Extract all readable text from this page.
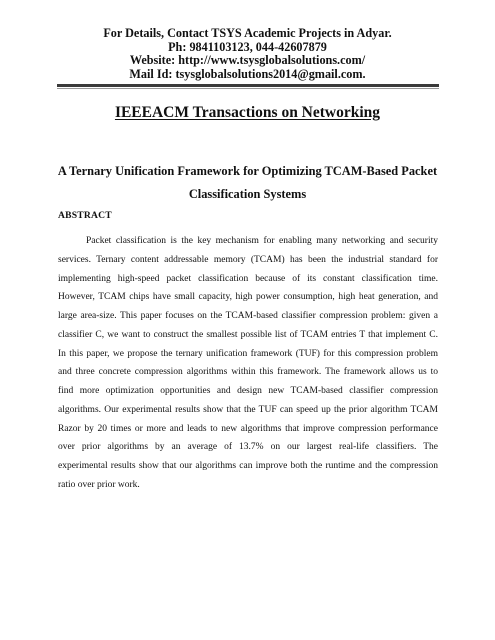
For Details, Contact TSYS Academic Projects in Adyar.
Ph: 9841103123, 044-42607879
Website: http://www.tsysglobalsolutions.com/
Mail Id: tsysglobalsolutions2014@gmail.com.
IEEEACM Transactions on Networking
A Ternary Unification Framework for Optimizing TCAM-Based Packet
Classification Systems
ABSTRACT
Packet classification is the key mechanism for enabling many networking and security
services. Ternary content addressable memory (TCAM) has been the industrial standard for
implementing high-speed packet classification because of its constant classification time.
However, TCAM chips have small capacity, high power consumption, high heat generation, and
large area-size. This paper focuses on the TCAM-based classifier compression problem: given a
classifier C, we want to construct the smallest possible list of TCAM entries T that implement C.
In this paper, we propose the ternary unification framework (TUF) for this compression problem
and three concrete compression algorithms within this framework. The framework allows us to
find more optimization opportunities and design new TCAM-based classifier compression
algorithms. Our experimental results show that the TUF can speed up the prior algorithm TCAM
Razor by 20 times or more and leads to new algorithms that improve compression performance
over prior algorithms by an average of 13.7% on our largest real-life classifiers. The
experimental results show that our algorithms can improve both the runtime and the compression
ratio over prior work.
